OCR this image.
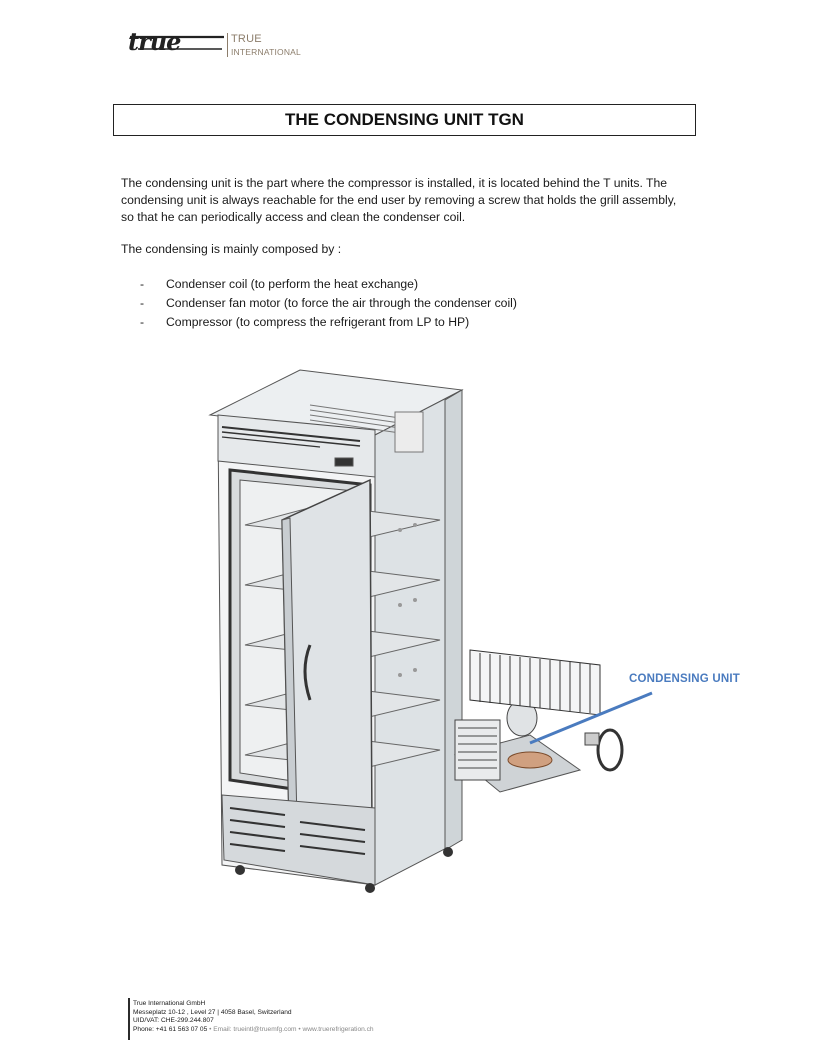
true	TRUE
INTERNATIONAL
THE CONDENSING UNIT TGN
The condensing unit is the part where the compressor is installed, it is located behind the T units. The condensing unit is always reachable for the end user by removing a screw that holds the grill assembly, so that he can periodically access and clean the condenser coil.
The condensing is mainly composed by :
-	Condenser coil (to perform the heat exchange)
-	Condenser fan motor (to force the air through the condenser coil)
-	Compressor (to compress the refrigerant from LP to HP)
CONDENSING UNIT
True International GmbH
Messeplatz 10-12 , Level 27 | 4058 Basel, Switzerland
UID/VAT: CHE-299.244.807
Phone: +41 61 563 07 05 • Email: trueintl@truemfg.com • www.truerefrigeration.ch
